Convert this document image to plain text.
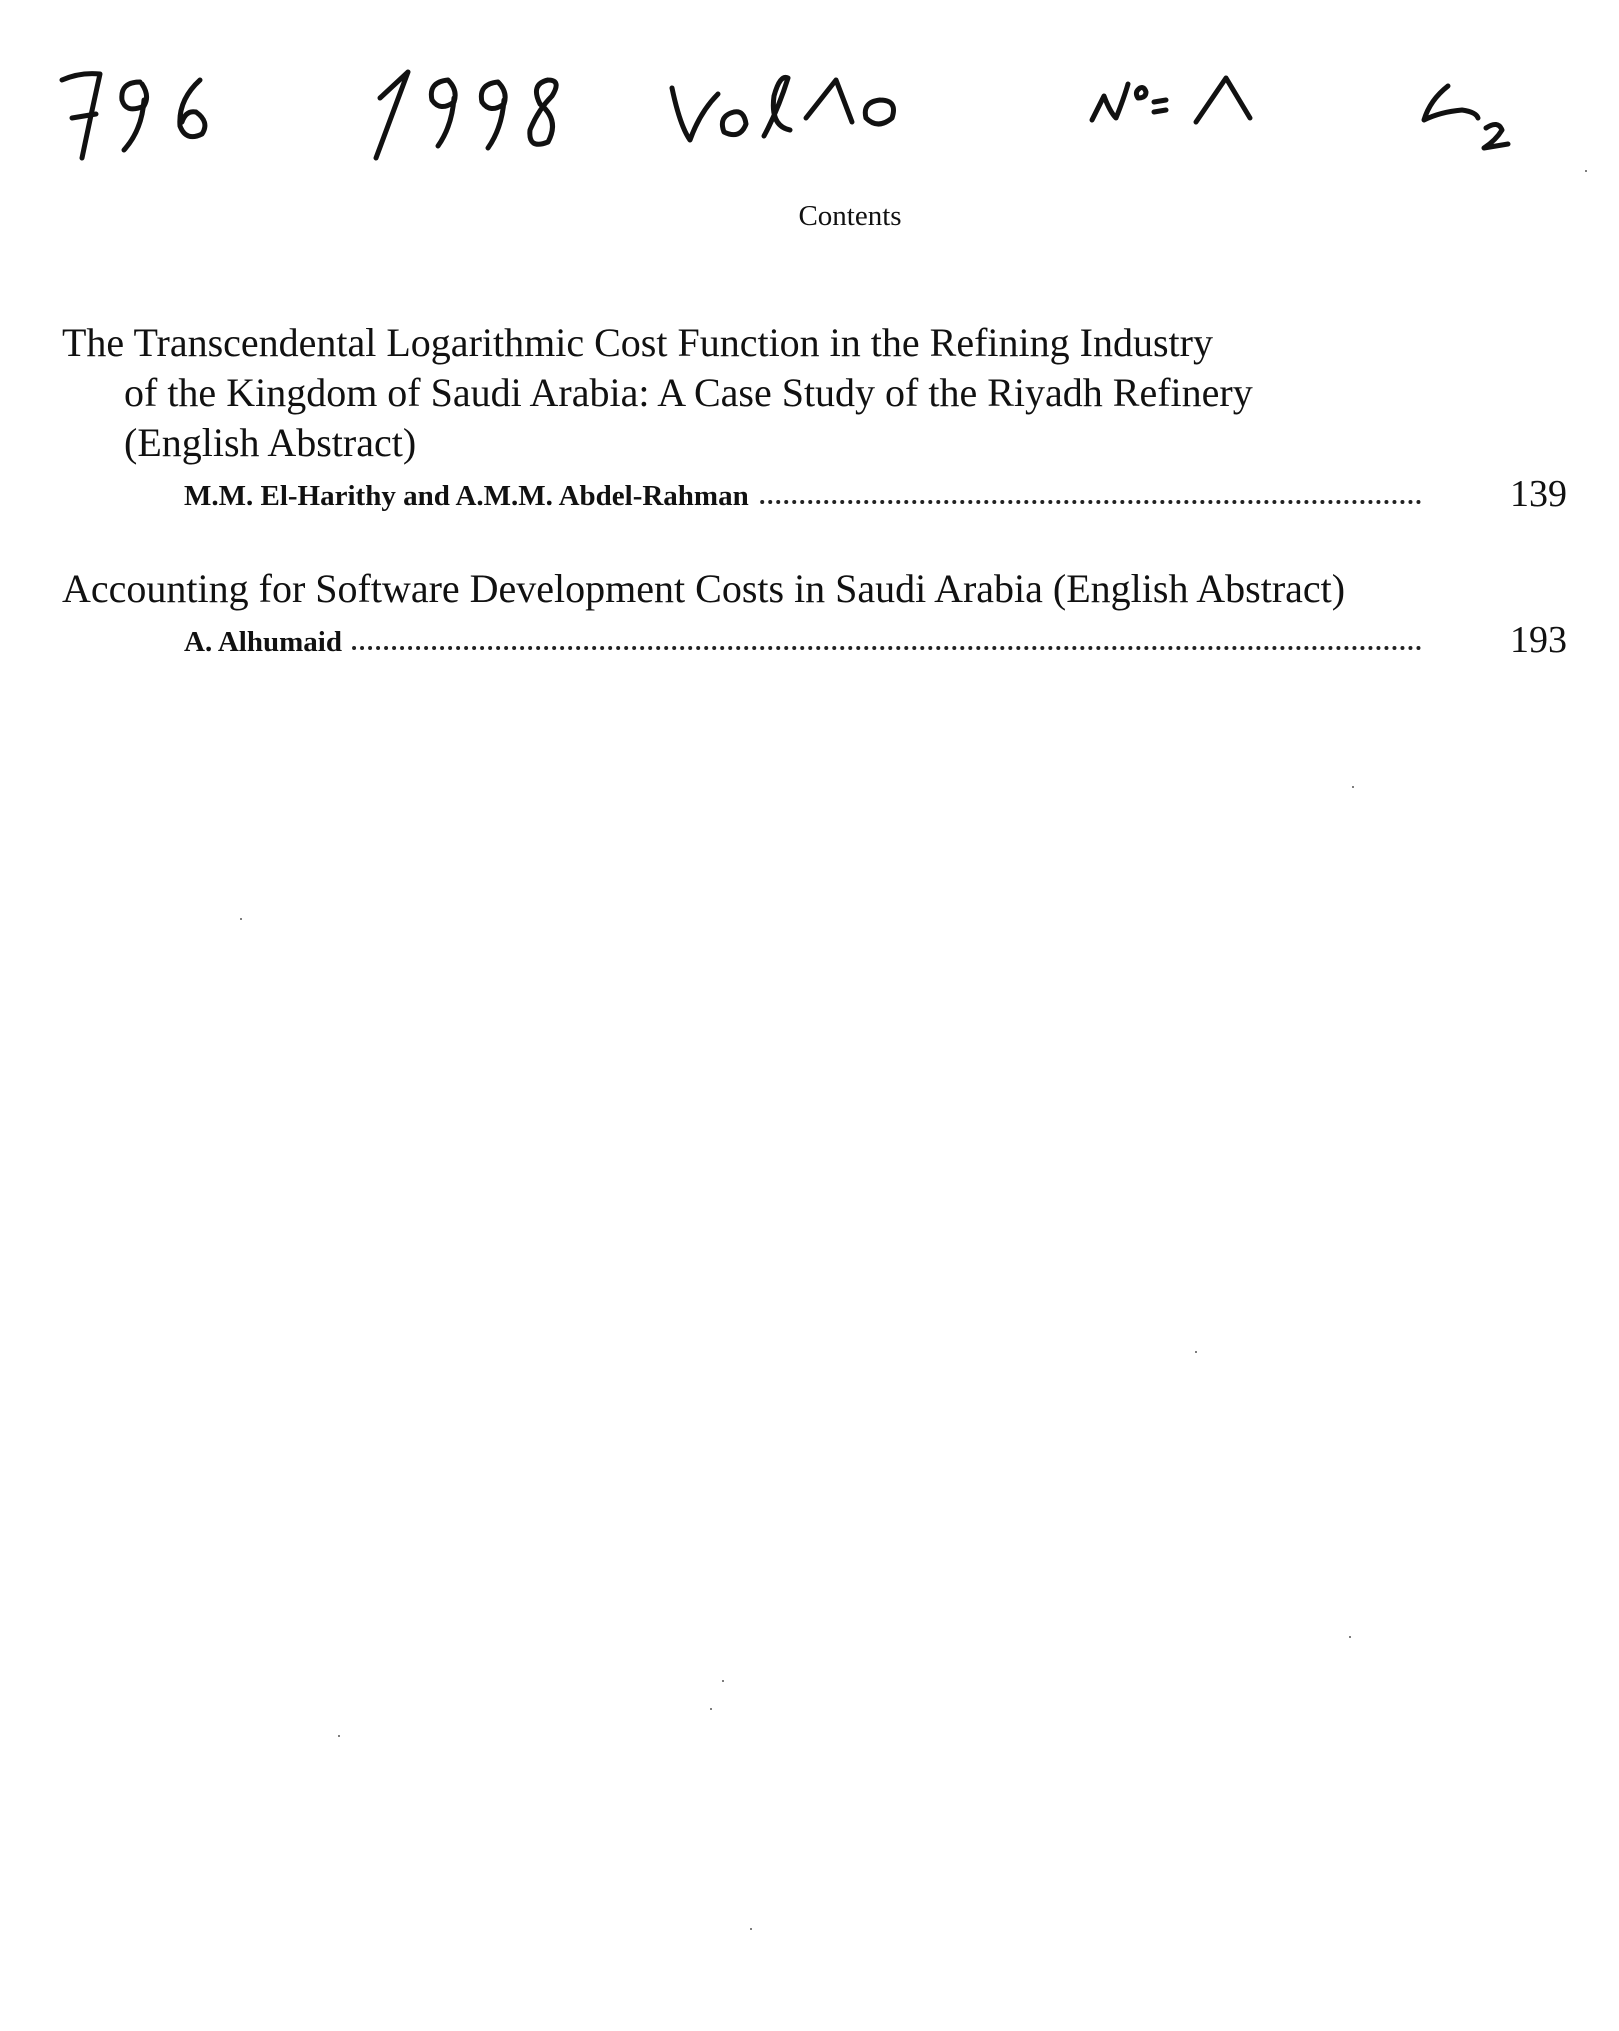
Contents
The Transcendental Logarithmic Cost Function in the Refining Industry
of the Kingdom of Saudi Arabia: A Case Study of the Riyadh Refinery
(English Abstract)
M.M. El-Harithy and A.M.M. Abdel-Rahman	139
Accounting for Software Development Costs in Saudi Arabia (English Abstract)
A. Alhumaid	193
